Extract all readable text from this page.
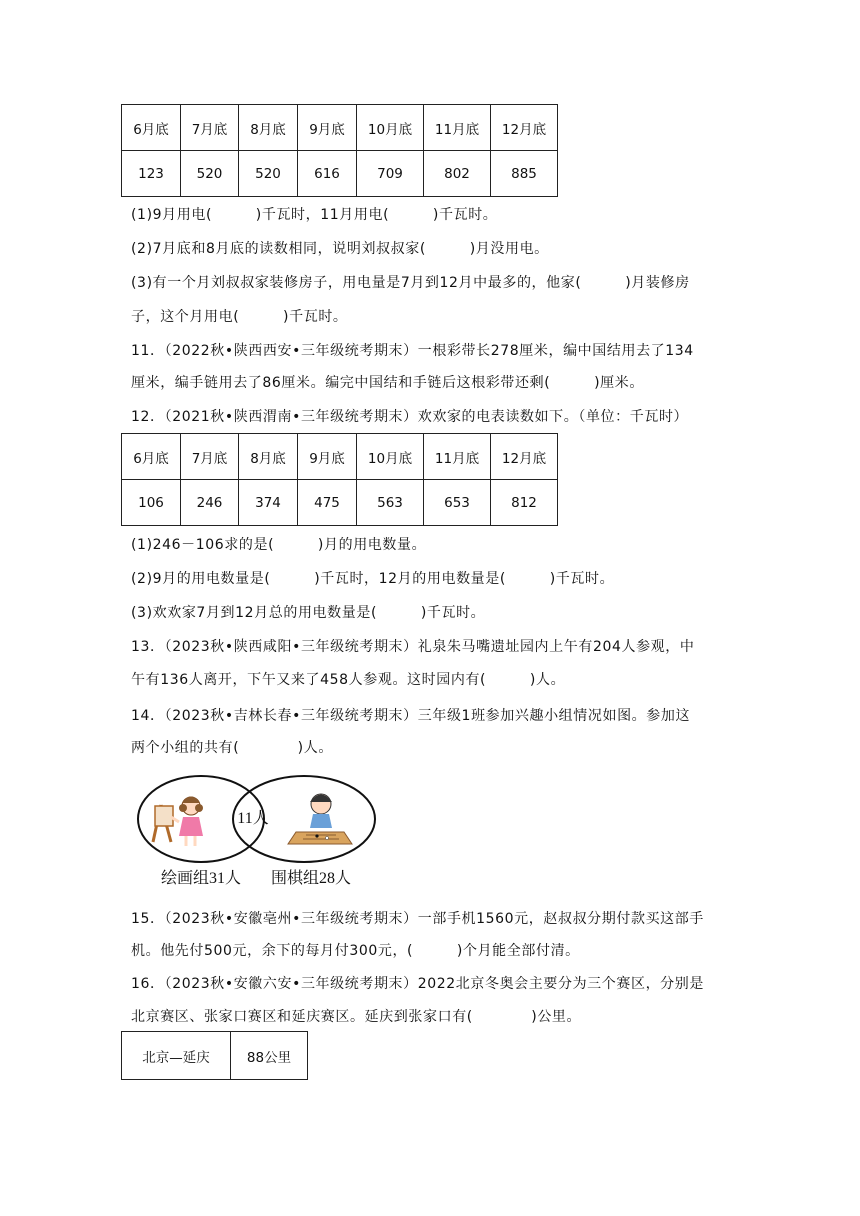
6月底	7月底	8月底	9月底	10月底	11月底	12月底
123	520	520	616	709	802	885
(1)9月用电(　　　)千瓦时，11月用电(　　　)千瓦时。
(2)7月底和8月底的读数相同，说明刘叔叔家(　　　)月没用电。
(3)有一个月刘叔叔家装修房子，用电量是7月到12月中最多的，他家(　　　)月装修房
子，这个月用电(　　　)千瓦时。
11．（2022秋•陕西西安•三年级统考期末）一根彩带长278厘米，编中国结用去了134
厘米，编手链用去了86厘米。编完中国结和手链后这根彩带还剩(　　　)厘米。
12．（2021秋•陕西渭南•三年级统考期末）欢欢家的电表读数如下。（单位：千瓦时）
6月底	7月底	8月底	9月底	10月底	11月底	12月底
106	246	374	475	563	653	812
(1)246－106求的是(　　　)月的用电数量。
(2)9月的用电数量是(　　　)千瓦时，12月的用电数量是(　　　)千瓦时。
(3)欢欢家7月到12月总的用电数量是(　　　)千瓦时。
13．（2023秋•陕西咸阳•三年级统考期末）礼泉朱马嘴遗址园内上午有204人参观，中
午有136人离开，下午又来了458人参观。这时园内有(　　　)人。
14．（2023秋•吉林长春•三年级统考期末）三年级1班参加兴趣小组情况如图。参加这
两个小组的共有(　　　　)人。
11人
绘画组31人 围棋组28人
15．（2023秋•安徽亳州•三年级统考期末）一部手机1560元，赵叔叔分期付款买这部手
机。他先付500元，余下的每月付300元，(　　　)个月能全部付清。
16．（2023秋•安徽六安•三年级统考期末）2022北京冬奥会主要分为三个赛区，分别是
北京赛区、张家口赛区和延庆赛区。延庆到张家口有(　　　　)公里。
北京—延庆	88公里
